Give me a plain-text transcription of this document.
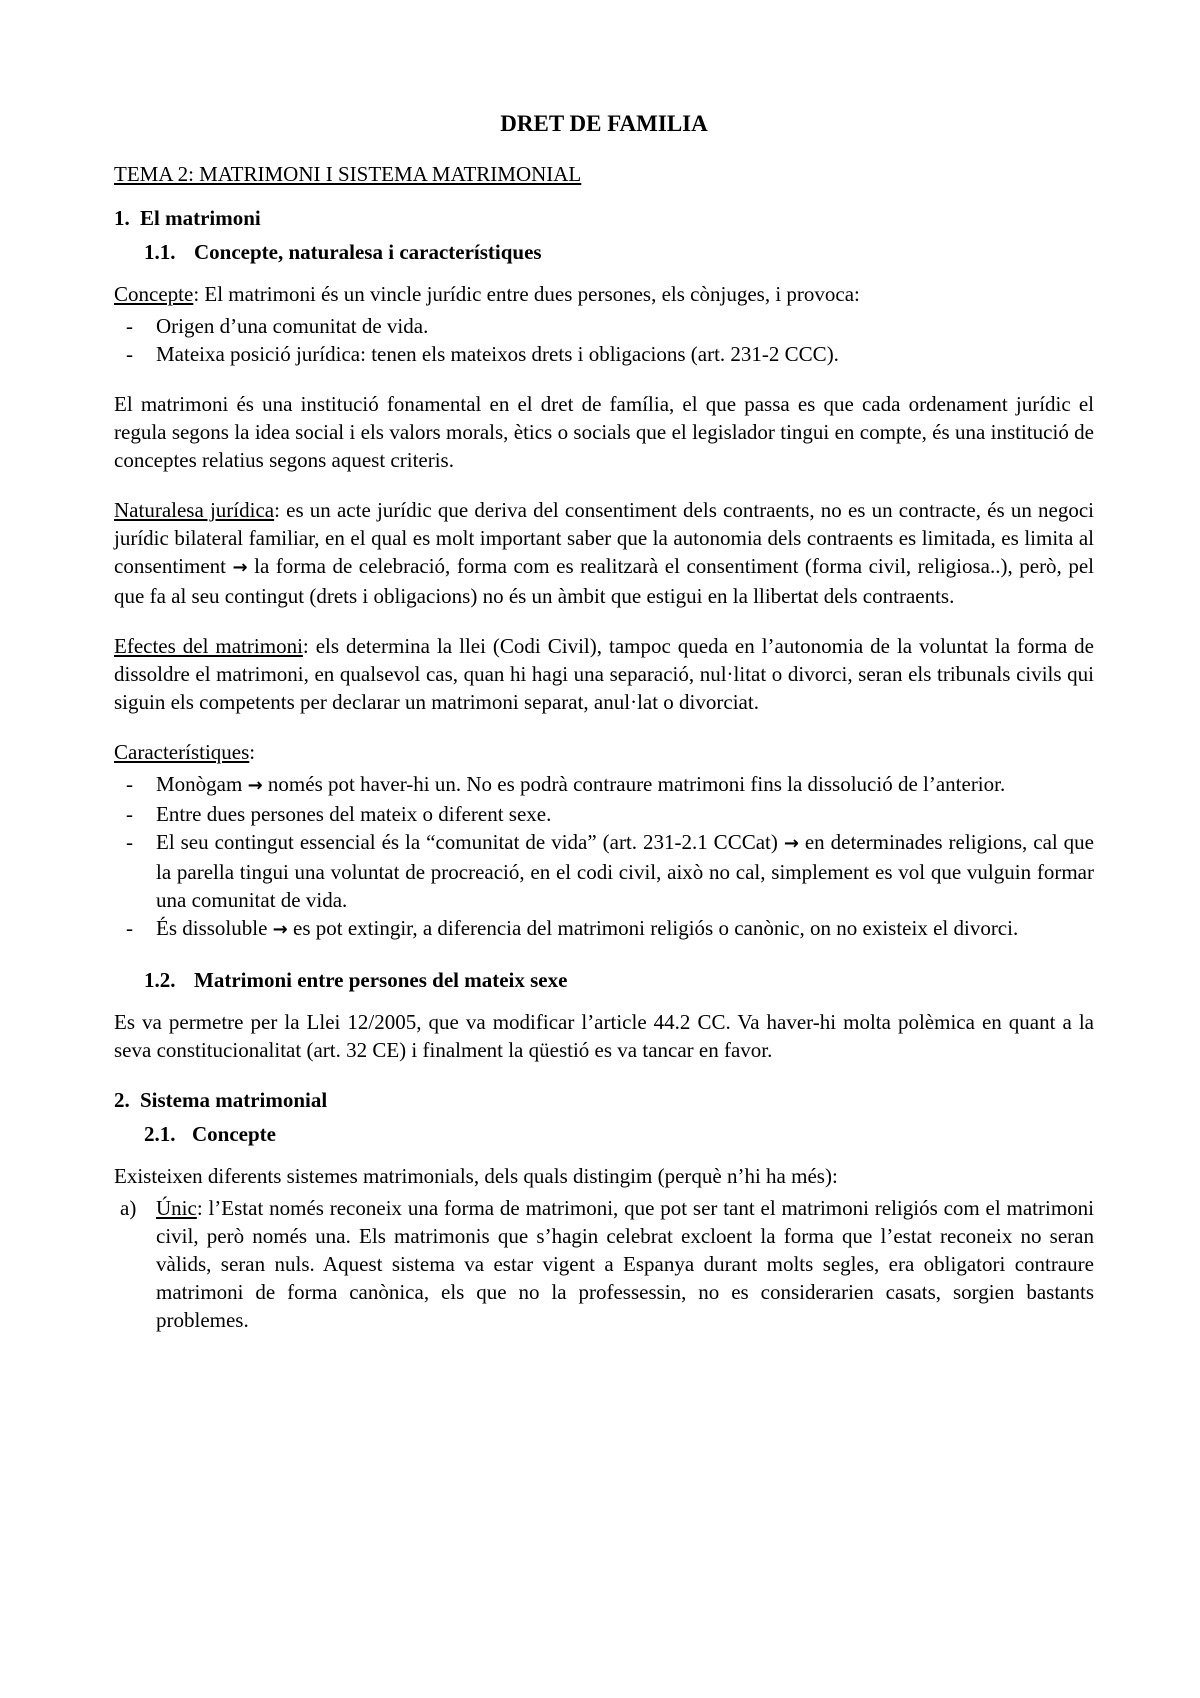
DRET DE FAMILIA
TEMA 2: MATRIMONI I SISTEMA MATRIMONIAL
1. El matrimoni
1.1. Concepte, naturalesa i característiques

Concepte: El matrimoni és un vincle jurídic entre dues persones, els cònjuges, i provoca:

- Origen d’una comunitat de vida.
- Mateixa posició jurídica: tenen els mateixos drets i obligacions (art. 231-2 CCC).

El matrimoni és una institució fonamental en el dret de família, el que passa es que cada ordenament jurídic el regula segons la idea social i els valors morals, ètics o socials que el legislador tingui en compte, és una institució de conceptes relatius segons aquest criteris.

Naturalesa jurídica: es un acte jurídic que deriva del consentiment dels contraents, no es un contracte, és un negoci jurídic bilateral familiar, en el qual es molt important saber que la autonomia dels contraents es limitada, es limita al consentiment → la forma de celebració, forma com es realitzarà el consentiment (forma civil, religiosa..), però, pel que fa al seu contingut (drets i obligacions) no és un àmbit que estigui en la llibertat dels contraents.

Efectes del matrimoni: els determina la llei (Codi Civil), tampoc queda en l’autonomia de la voluntat la forma de dissoldre el matrimoni, en qualsevol cas, quan hi hagi una separació, nul·litat o divorci, seran els tribunals civils qui siguin els competents per declarar un matrimoni separat, anul·lat o divorciat.

Característiques:

- Monògam → només pot haver-hi un. No es podrà contraure matrimoni fins la dissolució de l’anterior.
- Entre dues persones del mateix o diferent sexe.
- El seu contingut essencial és la “comunitat de vida” (art. 231-2.1 CCCat) → en determinades religions, cal que la parella tingui una voluntat de procreació, en el codi civil, això no cal, simplement es vol que vulguin formar una comunitat de vida.
- És dissoluble → es pot extingir, a diferencia del matrimoni religiós o canònic, on no existeix el divorci.
1.2. Matrimoni entre persones del mateix sexe

Es va permetre per la Llei 12/2005, que va modificar l’article 44.2 CC. Va haver-hi molta polèmica en quant a la seva constitucionalitat (art. 32 CE) i finalment la qüestió es va tancar en favor.

2. Sistema matrimonial
2.1. Concepte

Existeixen diferents sistemes matrimonials, dels quals distingim (perquè n’hi ha més):

a) Únic: l’Estat només reconeix una forma de matrimoni, que pot ser tant el matrimoni religiós com el matrimoni civil, però només una. Els matrimonis que s’hagin celebrat excloent la forma que l’estat reconeix no seran vàlids, seran nuls. Aquest sistema va estar vigent a Espanya durant molts segles, era obligatori contraure matrimoni de forma canònica, els que no la professessin, no es considerarien casats, sorgien bastants problemes.
